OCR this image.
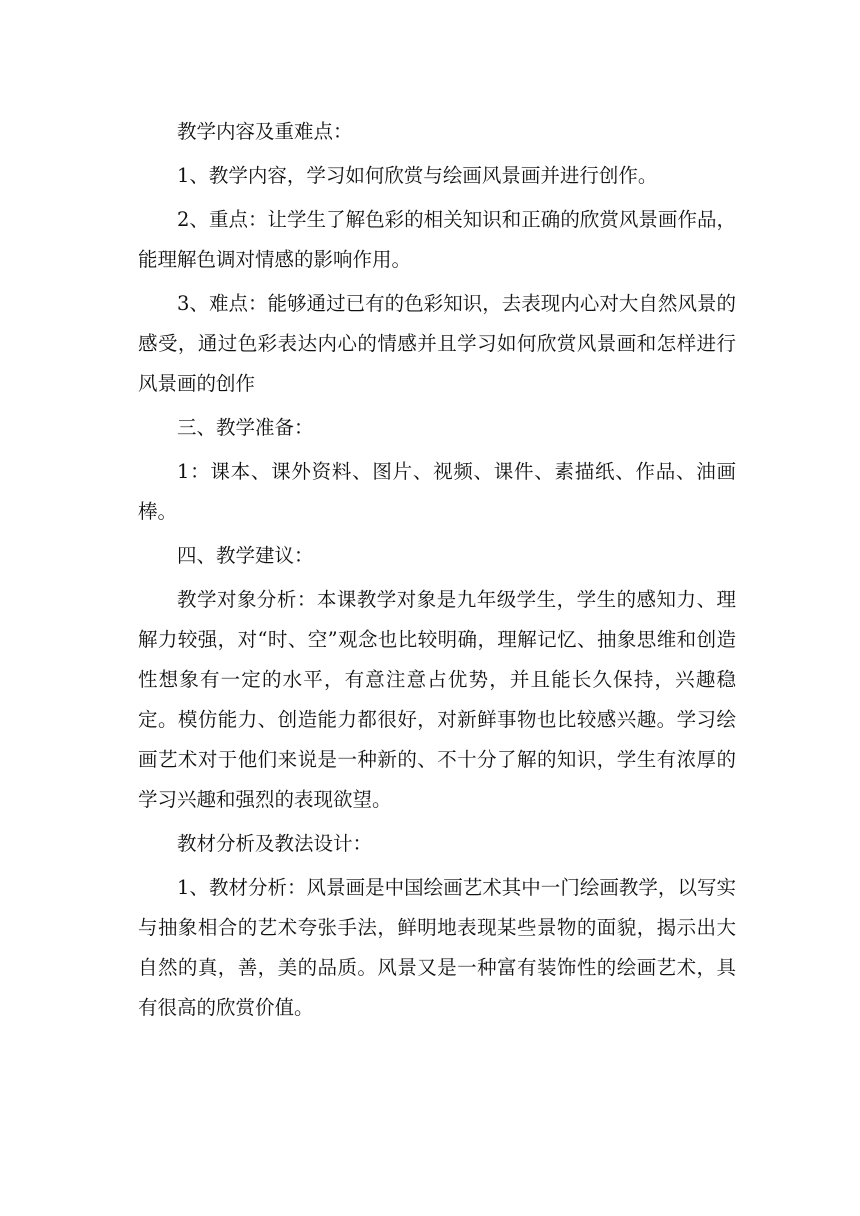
教学内容及重难点：

1、教学内容，学习如何欣赏与绘画风景画并进行创作。

2、重点：让学生了解色彩的相关知识和正确的欣赏风景画作品，能理解色调对情感的影响作用。

3、难点：能够通过已有的色彩知识，去表现内心对大自然风景的感受，通过色彩表达内心的情感并且学习如何欣赏风景画和怎样进行风景画的创作

三、教学准备：

1：课本、课外资料、图片、视频、课件、素描纸、作品、油画棒。

四、教学建议：

教学对象分析：本课教学对象是九年级学生，学生的感知力、理解力较强，对“时、空”观念也比较明确，理解记忆、抽象思维和创造性想象有一定的水平，有意注意占优势，并且能长久保持，兴趣稳定。模仿能力、创造能力都很好，对新鲜事物也比较感兴趣。学习绘画艺术对于他们来说是一种新的、不十分了解的知识，学生有浓厚的学习兴趣和强烈的表现欲望。

教材分析及教法设计：

1、教材分析：风景画是中国绘画艺术其中一门绘画教学，以写实与抽象相合的艺术夸张手法，鲜明地表现某些景物的面貌，揭示出大自然的真，善，美的品质。风景又是一种富有装饰性的绘画艺术，具有很高的欣赏价值。
